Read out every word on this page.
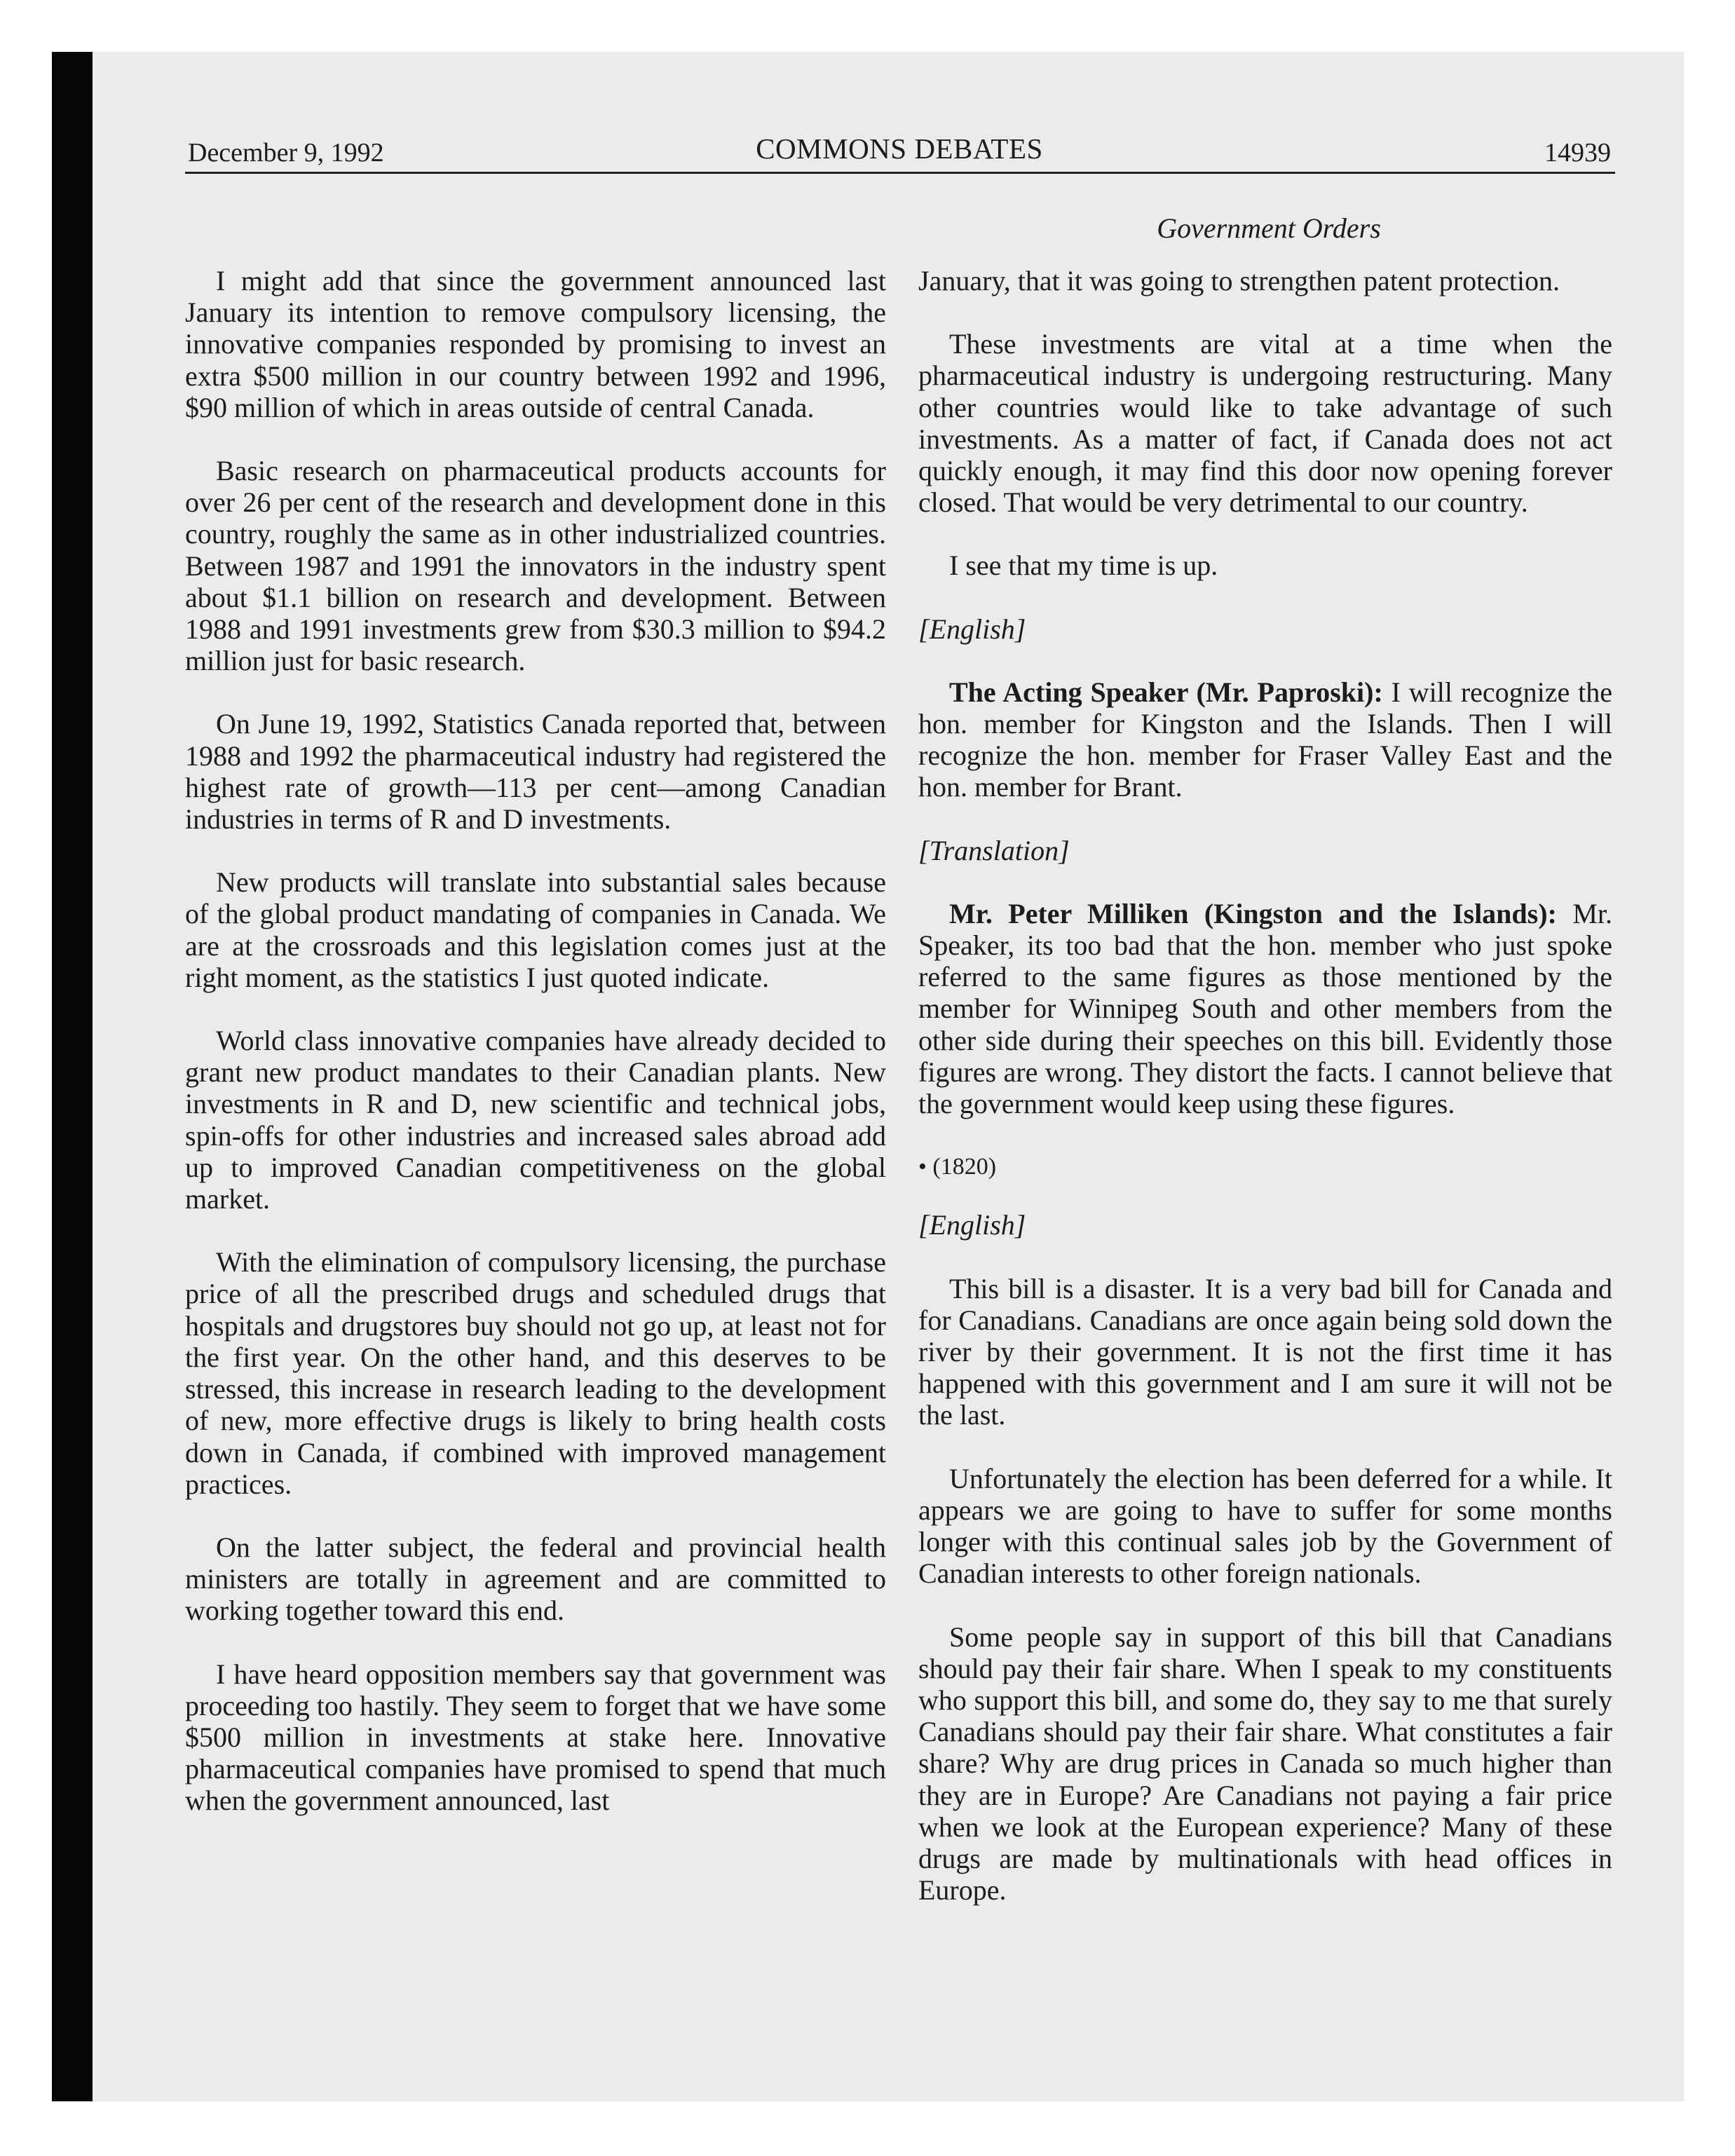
December 9, 1992	COMMONS DEBATES	14939
Government Orders

I might add that since the government announced last January its intention to remove compulsory licensing, the innovative companies responded by promising to invest an extra $500 million in our country between 1992 and 1996, $90 million of which in areas outside of central Canada.

Basic research on pharmaceutical products accounts for over 26 per cent of the research and development done in this country, roughly the same as in other industrialized countries. Between 1987 and 1991 the innovators in the industry spent about $1.1 billion on research and development. Between 1988 and 1991 investments grew from $30.3 million to $94.2 million just for basic research.

On June 19, 1992, Statistics Canada reported that, between 1988 and 1992 the pharmaceutical industry had registered the highest rate of growth—113 per cent—among Canadian industries in terms of R and D investments.

New products will translate into substantial sales because of the global product mandating of companies in Canada. We are at the crossroads and this legislation comes just at the right moment, as the statistics I just quoted indicate.

World class innovative companies have already decided to grant new product mandates to their Canadian plants. New investments in R and D, new scientific and technical jobs, spin-offs for other industries and increased sales abroad add up to improved Canadian competitiveness on the global market.

With the elimination of compulsory licensing, the purchase price of all the prescribed drugs and scheduled drugs that hospitals and drugstores buy should not go up, at least not for the first year. On the other hand, and this deserves to be stressed, this increase in research leading to the development of new, more effective drugs is likely to bring health costs down in Canada, if combined with improved management practices.

On the latter subject, the federal and provincial health ministers are totally in agreement and are committed to working together toward this end.

I have heard opposition members say that government was proceeding too hastily. They seem to forget that we have some $500 million in investments at stake here. Innovative pharmaceutical companies have promised to spend that much when the government announced, last

January, that it was going to strengthen patent protection.

These investments are vital at a time when the pharmaceutical industry is undergoing restructuring. Many other countries would like to take advantage of such investments. As a matter of fact, if Canada does not act quickly enough, it may find this door now opening forever closed. That would be very detrimental to our country.

I see that my time is up.

[English]

The Acting Speaker (Mr. Paproski): I will recognize the hon. member for Kingston and the Islands. Then I will recognize the hon. member for Fraser Valley East and the hon. member for Brant.

[Translation]

Mr. Peter Milliken (Kingston and the Islands): Mr. Speaker, its too bad that the hon. member who just spoke referred to the same figures as those mentioned by the member for Winnipeg South and other members from the other side during their speeches on this bill. Evidently those figures are wrong. They distort the facts. I cannot believe that the government would keep using these figures.

• (1820)

[English]

This bill is a disaster. It is a very bad bill for Canada and for Canadians. Canadians are once again being sold down the river by their government. It is not the first time it has happened with this government and I am sure it will not be the last.

Unfortunately the election has been deferred for a while. It appears we are going to have to suffer for some months longer with this continual sales job by the Government of Canadian interests to other foreign nationals.

Some people say in support of this bill that Canadians should pay their fair share. When I speak to my constituents who support this bill, and some do, they say to me that surely Canadians should pay their fair share. What constitutes a fair share? Why are drug prices in Canada so much higher than they are in Europe? Are Canadians not paying a fair price when we look at the European experience? Many of these drugs are made by multinationals with head offices in Europe.
